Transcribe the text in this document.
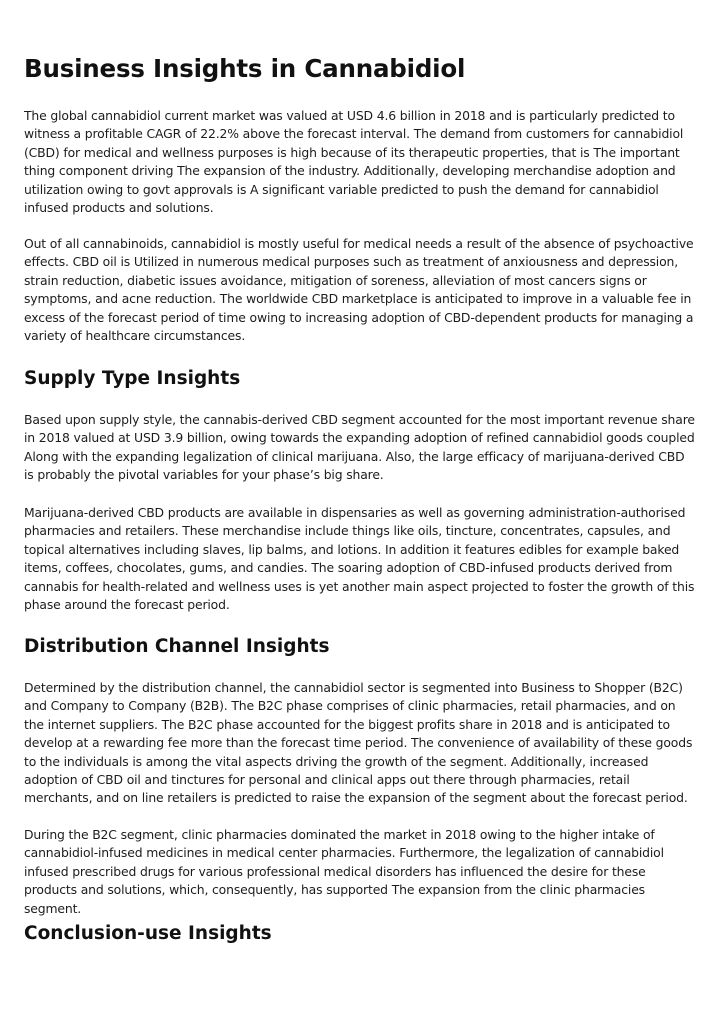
Business Insights in Cannabidiol

The global cannabidiol current market was valued at USD 4.6 billion in 2018 and is particularly predicted to witness a profitable CAGR of 22.2% above the forecast interval. The demand from customers for cannabidiol (CBD) for medical and wellness purposes is high because of its therapeutic properties, that is The important thing component driving The expansion of the industry. Additionally, developing merchandise adoption and utilization owing to govt approvals is A significant variable predicted to push the demand for cannabidiol infused products and solutions.

Out of all cannabinoids, cannabidiol is mostly useful for medical needs a result of the absence of psychoactive effects. CBD oil is Utilized in numerous medical purposes such as treatment of anxiousness and depression, strain reduction, diabetic issues avoidance, mitigation of soreness, alleviation of most cancers signs or symptoms, and acne reduction. The worldwide CBD marketplace is anticipated to improve in a valuable fee in excess of the forecast period of time owing to increasing adoption of CBD-dependent products for managing a variety of healthcare circumstances.

Supply Type Insights

Based upon supply style, the cannabis-derived CBD segment accounted for the most important revenue share in 2018 valued at USD 3.9 billion, owing towards the expanding adoption of refined cannabidiol goods coupled Along with the expanding legalization of clinical marijuana. Also, the large efficacy of marijuana-derived CBD is probably the pivotal variables for your phase’s big share.

Marijuana-derived CBD products are available in dispensaries as well as governing administration-authorised pharmacies and retailers. These merchandise include things like oils, tincture, concentrates, capsules, and topical alternatives including slaves, lip balms, and lotions. In addition it features edibles for example baked items, coffees, chocolates, gums, and candies. The soaring adoption of CBD-infused products derived from cannabis for health-related and wellness uses is yet another main aspect projected to foster the growth of this phase around the forecast period.

Distribution Channel Insights

Determined by the distribution channel, the cannabidiol sector is segmented into Business to Shopper (B2C) and Company to Company (B2B). The B2C phase comprises of clinic pharmacies, retail pharmacies, and on the internet suppliers. The B2C phase accounted for the biggest profits share in 2018 and is anticipated to develop at a rewarding fee more than the forecast time period. The convenience of availability of these goods to the individuals is among the vital aspects driving the growth of the segment. Additionally, increased adoption of CBD oil and tinctures for personal and clinical apps out there through pharmacies, retail merchants, and on line retailers is predicted to raise the expansion of the segment about the forecast period.

During the B2C segment, clinic pharmacies dominated the market in 2018 owing to the higher intake of cannabidiol-infused medicines in medical center pharmacies. Furthermore, the legalization of cannabidiol infused prescribed drugs for various professional medical disorders has influenced the desire for these products and solutions, which, consequently, has supported The expansion from the clinic pharmacies segment.

Conclusion-use Insights
